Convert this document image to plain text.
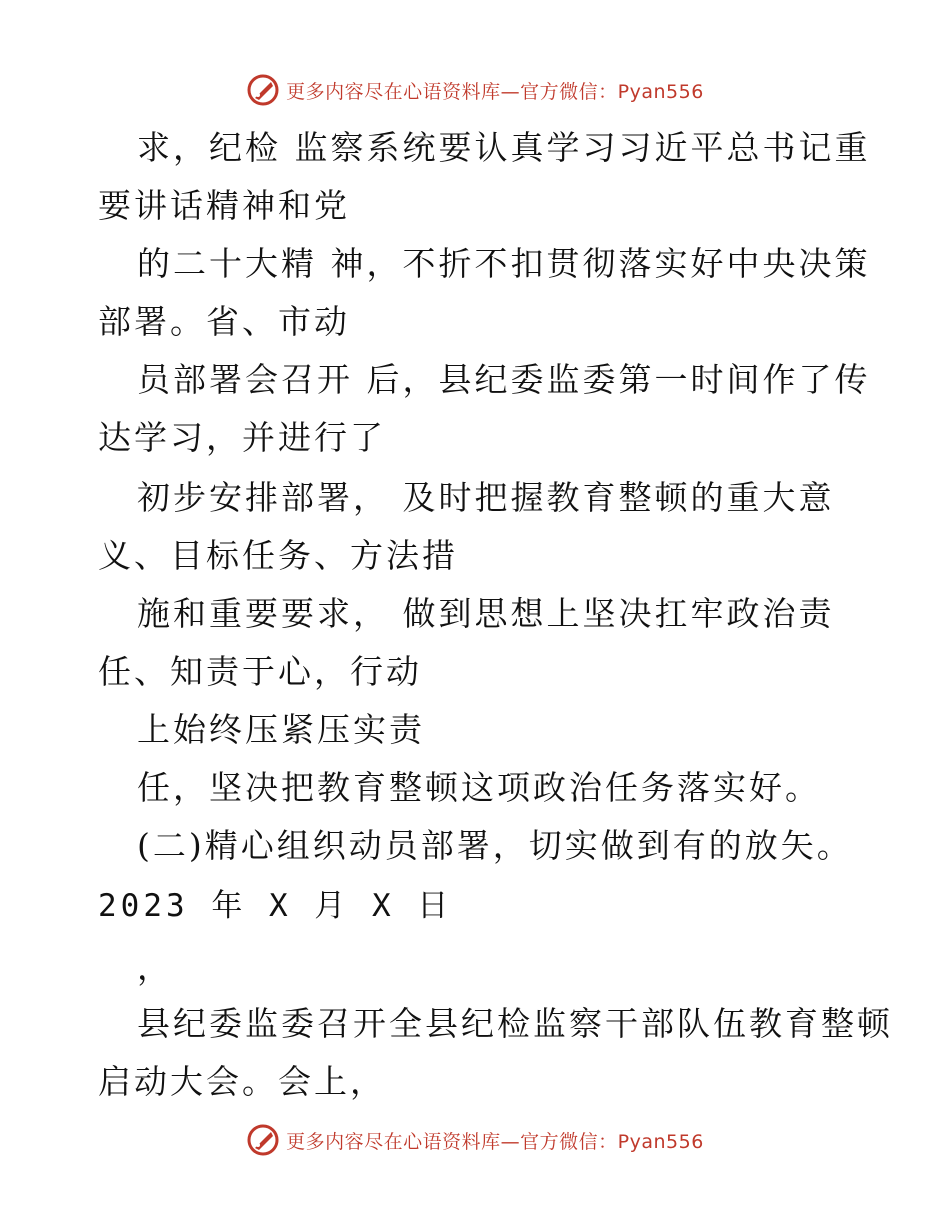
更多内容尽在心语资料库—官方微信：Pyan556
求，纪检 监察系统要认真学习习近平总书记重
要讲话精神和党
的二十大精 神，不折不扣贯彻落实好中央决策
部署。省、市动
员部署会召开 后，县纪委监委第一时间作了传
达学习，并进行了
初步安排部署， 及时把握教育整顿的重大意
义、目标任务、方法措
施和重要要求， 做到思想上坚决扛牢政治责
任、知责于心，行动
上始终压紧压实责
任，坚决把教育整顿这项政治任务落实好。
(二)精心组织动员部署，切实做到有的放矢。
2023 年 X 月 X 日
，
县纪委监委召开全县纪检监察干部队伍教育整顿
启动大会。会上，
更多内容尽在心语资料库—官方微信：Pyan556
